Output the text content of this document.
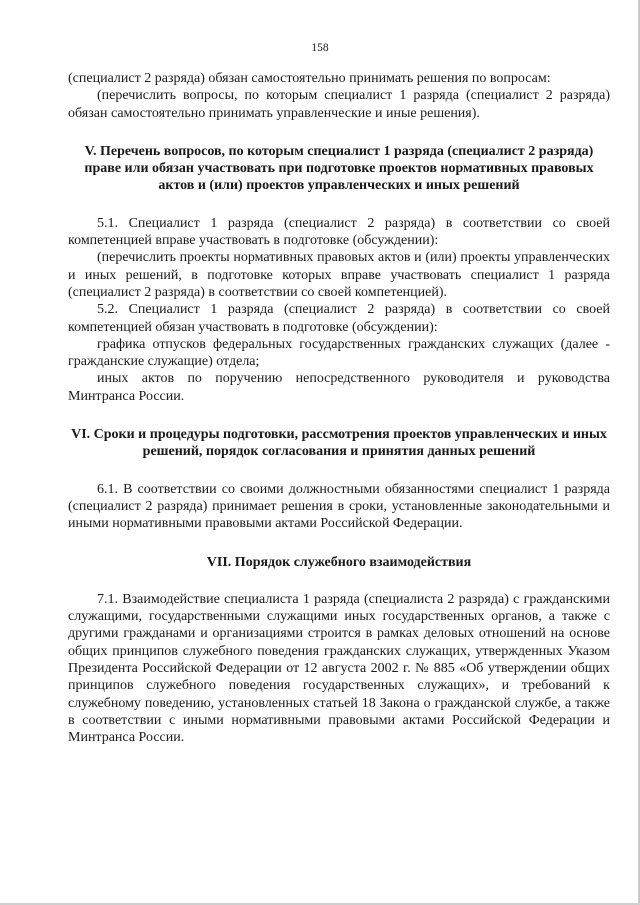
158

(специалист 2 разряда) обязан самостоятельно принимать решения по вопросам:

(перечислить вопросы, по которым специалист 1 разряда (специалист 2 разряда) обязан самостоятельно принимать управленческие и иные решения).

V. Перечень вопросов, по которым специалист 1 разряда (специалист 2 разряда) праве или обязан участвовать при подготовке проектов нормативных правовых актов и (или) проектов управленческих и иных решений

5.1. Специалист 1 разряда (специалист 2 разряда) в соответствии со своей компетенцией вправе участвовать в подготовке (обсуждении):

(перечислить проекты нормативных правовых актов и (или) проекты управленческих и иных решений, в подготовке которых вправе участвовать специалист 1 разряда (специалист 2 разряда) в соответствии со своей компетенцией).

5.2. Специалист 1 разряда (специалист 2 разряда) в соответствии со своей компетенцией обязан участвовать в подготовке (обсуждении):

графика отпусков федеральных государственных гражданских служащих (далее - гражданские служащие) отдела;

иных актов по поручению непосредственного руководителя и руководства Минтранса России.

VI. Сроки и процедуры подготовки, рассмотрения проектов управленческих и иных решений, порядок согласования и принятия данных решений

6.1. В соответствии со своими должностными обязанностями специалист 1 разряда (специалист 2 разряда) принимает решения в сроки, установленные законодательными и иными нормативными правовыми актами Российской Федерации.

VII. Порядок служебного взаимодействия

7.1. Взаимодействие специалиста 1 разряда (специалиста 2 разряда) с гражданскими служащими, государственными служащими иных государственных органов, а также с другими гражданами и организациями строится в рамках деловых отношений на основе общих принципов служебного поведения гражданских служащих, утвержденных Указом Президента Российской Федерации от 12 августа 2002 г. № 885 «Об утверждении общих принципов служебного поведения государственных служащих», и требований к служебному поведению, установленных статьей 18 Закона о гражданской службе, а также в соответствии с иными нормативными правовыми актами Российской Федерации и Минтранса России.
